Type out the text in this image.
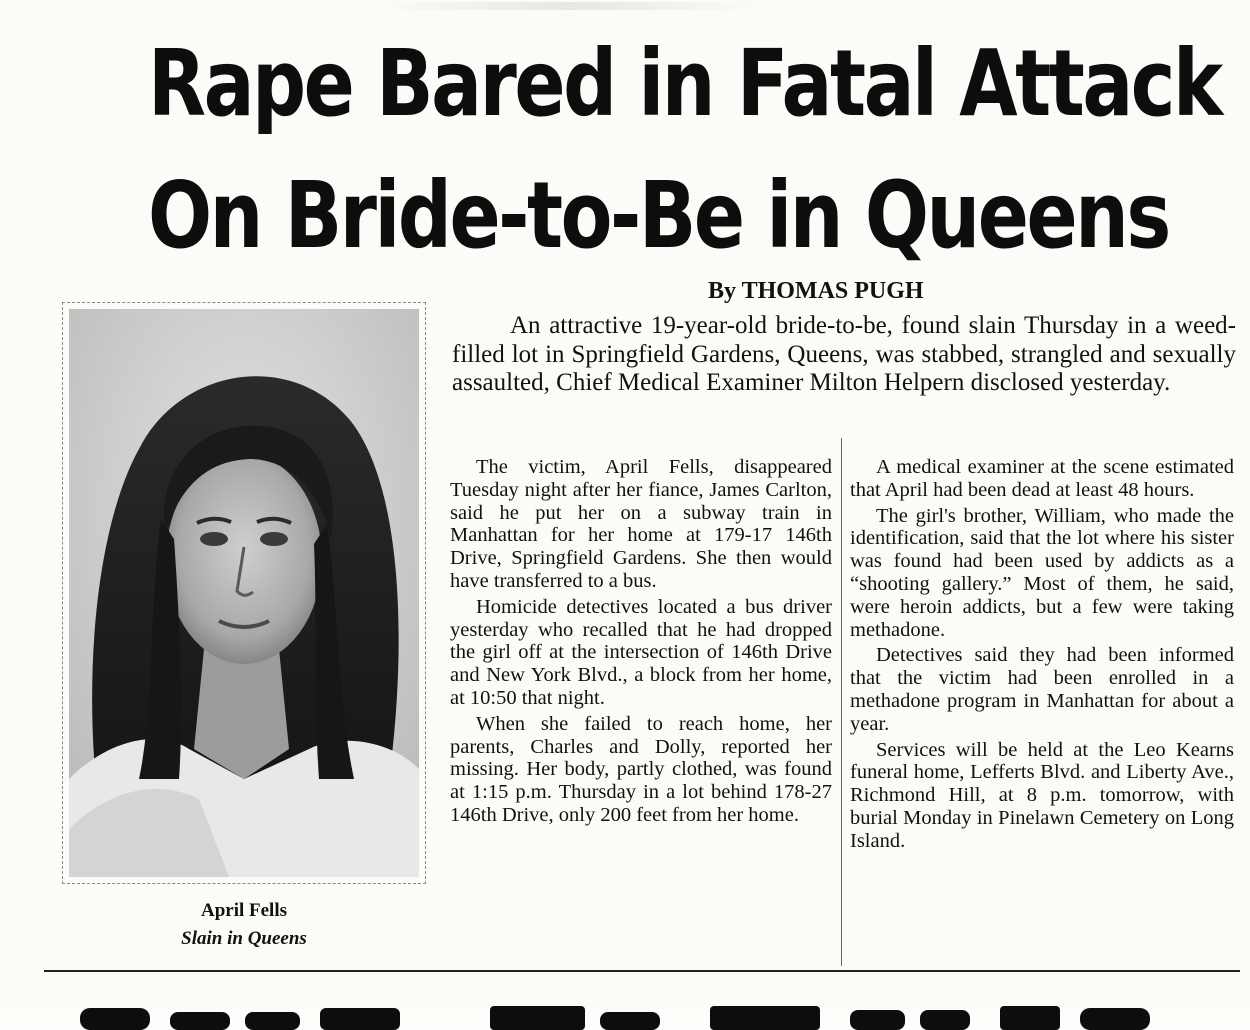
Rape Bared in Fatal Attack
On Bride-to-Be in Queens
By THOMAS PUGH
April Fells
Slain in Queens

An attractive 19-year-old bride-to-be, found slain Thursday in a weed-filled lot in Springfield Gardens, Queens, was stabbed, strangled and sexually assaulted, Chief Medical Examiner Milton Helpern disclosed yesterday.

The victim, April Fells, disappeared Tuesday night after her fiance, James Carlton, said he put her on a subway train in Manhattan for her home at 179-17 146th Drive, Springfield Gardens. She then would have transferred to a bus.

Homicide detectives located a bus driver yesterday who recalled that he had dropped the girl off at the intersection of 146th Drive and New York Blvd., a block from her home, at 10:50 that night.

When she failed to reach home, her parents, Charles and Dolly, reported her missing. Her body, partly clothed, was found at 1:15 p.m. Thursday in a lot behind 178-27 146th Drive, only 200 feet from her home.

A medical examiner at the scene estimated that April had been dead at least 48 hours.

The girl's brother, William, who made the identification, said that the lot where his sister was found had been used by addicts as a “shooting gallery.” Most of them, he said, were heroin addicts, but a few were taking methadone.

Detectives said they had been informed that the victim had been enrolled in a methadone program in Manhattan for about a year.

Services will be held at the Leo Kearns funeral home, Lefferts Blvd. and Liberty Ave., Richmond Hill, at 8 p.m. tomorrow, with burial Monday in Pinelawn Cemetery on Long Island.
